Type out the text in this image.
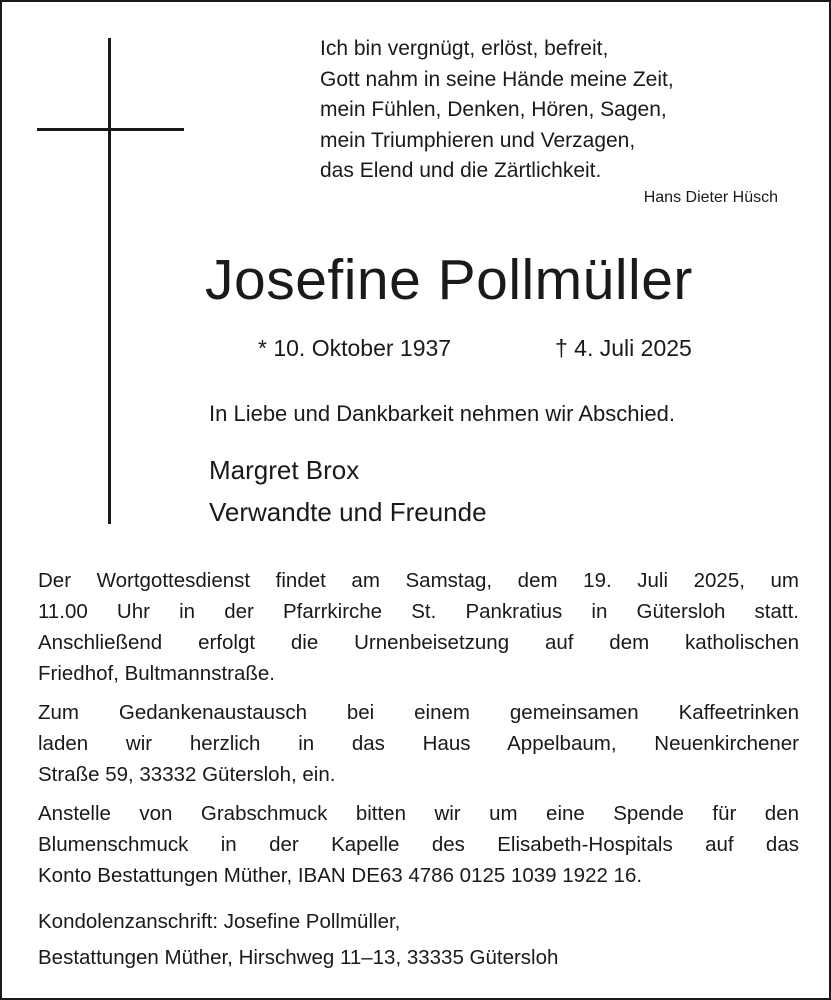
Ich bin vergnügt, erlöst, befreit,
Gott nahm in seine Hände meine Zeit,
mein Fühlen, Denken, Hören, Sagen,
mein Triumphieren und Verzagen,
das Elend und die Zärtlichkeit.
Hans Dieter Hüsch
Josefine Pollmüller
* 10. Oktober 1937	† 4. Juli 2025
In Liebe und Dankbarkeit nehmen wir Abschied.
Margret Brox
Verwandte und Freunde

Der Wortgottesdienst findet am Samstag, dem 19. Juli 2025, um
11.00 Uhr in der Pfarrkirche St. Pankratius in Gütersloh statt.
Anschließend erfolgt die Urnenbeisetzung auf dem katholischen
Friedhof, Bultmannstraße.

Zum Gedankenaustausch bei einem gemeinsamen Kaffeetrinken
laden wir herzlich in das Haus Appelbaum, Neuenkirchener
Straße 59, 33332 Gütersloh, ein.

Anstelle von Grabschmuck bitten wir um eine Spende für den
Blumenschmuck in der Kapelle des Elisabeth-Hospitals auf das
Konto Bestattungen Müther, IBAN DE63 4786 0125 1039 1922 16.

Kondolenzanschrift: Josefine Pollmüller,
Bestattungen Müther, Hirschweg 11–13, 33335 Gütersloh
